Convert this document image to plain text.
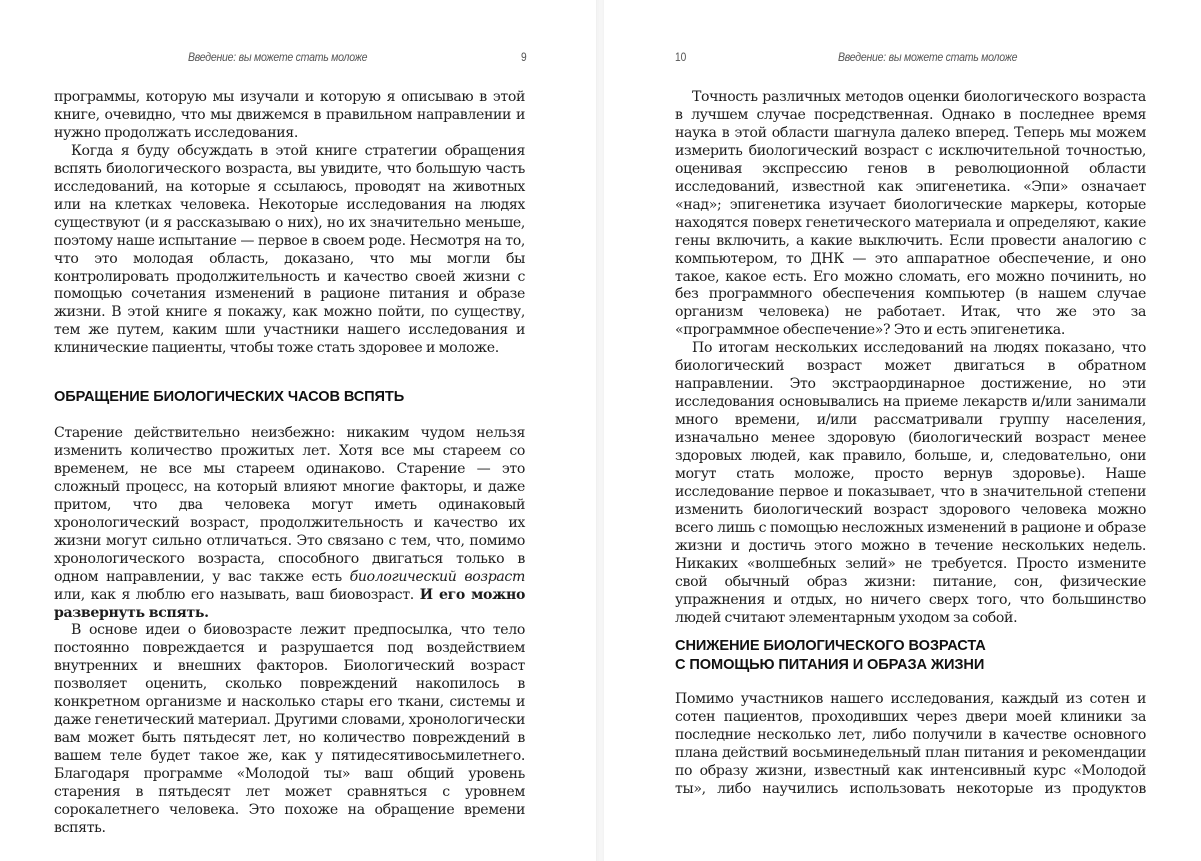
Введение: вы можете стать моложе	9

программы, которую мы изучали и которую я описываю в этой книге, очевидно, что мы движемся в правильном направлении и нужно продолжать исследования.

Когда я буду обсуждать в этой книге стратегии обращения вспять биологического возраста, вы увидите, что большую часть исследований, на которые я ссылаюсь, проводят на животных или на клетках человека. Некоторые исследования на людях существуют (и я рассказываю о них), но их значительно меньше, поэтому наше испытание — первое в своем роде. Несмотря на то, что это молодая область, доказано, что мы могли бы контролировать продолжительность и качество своей жизни с помощью сочетания изменений в рационе питания и образе жизни. В этой книге я покажу, как можно пойти, по существу, тем же путем, каким шли участники нашего исследования и клинические пациенты, чтобы тоже стать здоровее и моложе.

ОБРАЩЕНИЕ БИОЛОГИЧЕСКИХ ЧАСОВ ВСПЯТЬ

Старение действительно неизбежно: никаким чудом нельзя изменить количество прожитых лет. Хотя все мы стареем со временем, не все мы стареем одинаково. Старение — это сложный процесс, на который влияют многие факторы, и даже притом, что два человека могут иметь одинаковый хронологический возраст, продолжительность и качество их жизни могут сильно отличаться. Это связано с тем, что, помимо хронологического возраста, способного двигаться только в одном направлении, у вас также есть биологический возраст или, как я люблю его называть, ваш биовозраст. И его можно развернуть вспять.

В основе идеи о биовозрасте лежит предпосылка, что тело постоянно повреждается и разрушается под воздействием внутренних и внешних факторов. Биологический возраст позволяет оценить, сколько повреждений накопилось в конкретном организме и насколько стары его ткани, системы и даже генетический материал. Другими словами, хронологически вам может быть пятьдесят лет, но количество повреждений в вашем теле будет такое же, как у пятидесятивосьмилетнего. Благодаря программе «Молодой ты» ваш общий уровень старения в пятьдесят лет может сравняться с уровнем сорокалетнего человека. Это похоже на обращение времени вспять.

10	Введение: вы можете стать моложе

Точность различных методов оценки биологического возраста в лучшем случае посредственная. Однако в последнее время наука в этой области шагнула далеко вперед. Теперь мы можем измерить биологический возраст с исключительной точностью, оценивая экспрессию генов в революционной области исследований, известной как эпигенетика. «Эпи» означает «над»; эпигенетика изучает биологические маркеры, которые находятся поверх генетического материала и определяют, какие гены включить, а какие выключить. Если провести аналогию с компьютером, то ДНК — это аппаратное обеспечение, и оно такое, какое есть. Его можно сломать, его можно починить, но без программного обеспечения компьютер (в нашем случае организм человека) не работает. Итак, что же это за «программное обеспечение»? Это и есть эпигенетика.

По итогам нескольких исследований на людях показано, что биологический возраст может двигаться в обратном направлении. Это экстраординарное достижение, но эти исследования основывались на приеме лекарств и/или занимали много времени, и/или рассматривали группу населения, изначально менее здоровую (биологический возраст менее здоровых людей, как правило, больше, и, следовательно, они могут стать моложе, просто вернув здоровье). Наше исследование первое и показывает, что в значительной степени изменить биологический возраст здорового человека можно всего лишь с помощью несложных изменений в рационе и образе жизни и достичь этого можно в течение нескольких недель. Никаких «волшебных зелий» не требуется. Просто измените свой обычный образ жизни: питание, сон, физические упражнения и отдых, но ничего сверх того, что большинство людей считают элементарным уходом за собой.

СНИЖЕНИЕ БИОЛОГИЧЕСКОГО ВОЗРАСТА
С ПОМОЩЬЮ ПИТАНИЯ И ОБРАЗА ЖИЗНИ

Помимо участников нашего исследования, каждый из сотен и сотен пациентов, проходивших через двери моей клиники за последние несколько лет, либо получили в качестве основного плана действий восьминедельный план питания и рекомендации по образу жизни, известный как интенсивный курс «Молодой ты», либо научились использовать некоторые из продуктов
